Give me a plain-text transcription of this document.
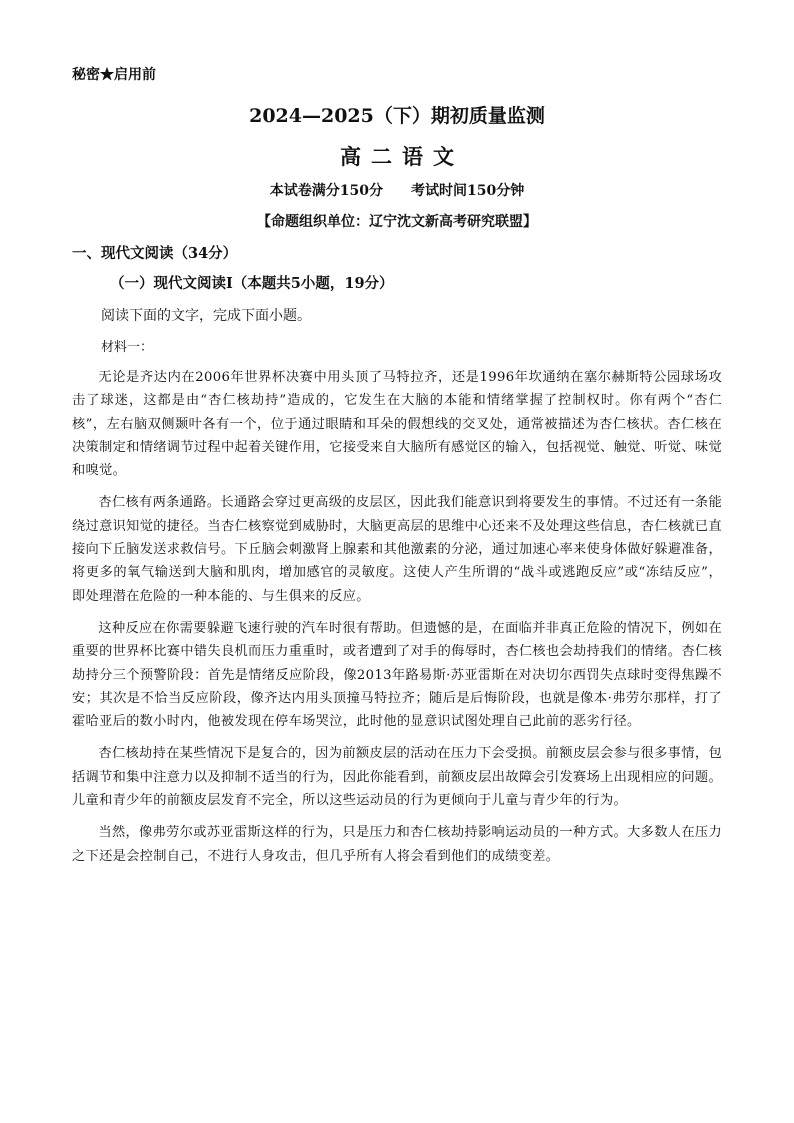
秘密★启用前
2024—2025（下）期初质量监测
高二语文
本试卷满分150分 考试时间150分钟
【命题组织单位：辽宁沈文新高考研究联盟】
一、现代文阅读（34分）
（一）现代文阅读Ⅰ（本题共5小题，19分）
阅读下面的文字，完成下面小题。
材料一：

无论是齐达内在2006年世界杯决赛中用头顶了马特拉齐，还是1996年坎通纳在塞尔赫斯特公园球场攻击了球迷，这都是由“杏仁核劫持”造成的，它发生在大脑的本能和情绪掌握了控制权时。你有两个“杏仁核”，左右脑双侧颞叶各有一个，位于通过眼睛和耳朵的假想线的交叉处，通常被描述为杏仁核状。杏仁核在决策制定和情绪调节过程中起着关键作用，它接受来自大脑所有感觉区的输入，包括视觉、触觉、听觉、味觉和嗅觉。

杏仁核有两条通路。长通路会穿过更高级的皮层区，因此我们能意识到将要发生的事情。不过还有一条能绕过意识知觉的捷径。当杏仁核察觉到威胁时，大脑更高层的思维中心还来不及处理这些信息，杏仁核就已直接向下丘脑发送求救信号。下丘脑会刺激肾上腺素和其他激素的分泌，通过加速心率来使身体做好躲避准备，将更多的氧气输送到大脑和肌肉，增加感官的灵敏度。这使人产生所谓的“战斗或逃跑反应”或“冻结反应”，即处理潜在危险的一种本能的、与生俱来的反应。

这种反应在你需要躲避飞速行驶的汽车时很有帮助。但遗憾的是，在面临并非真正危险的情况下，例如在重要的世界杯比赛中错失良机而压力重重时，或者遭到了对手的侮辱时，杏仁核也会劫持我们的情绪。杏仁核劫持分三个预警阶段：首先是情绪反应阶段，像2013年路易斯·苏亚雷斯在对决切尔西罚失点球时变得焦躁不安；其次是不恰当反应阶段，像齐达内用头顶撞马特拉齐；随后是后悔阶段，也就是像本·弗劳尔那样，打了霍哈亚后的数小时内，他被发现在停车场哭泣，此时他的显意识试图处理自己此前的恶劣行径。

杏仁核劫持在某些情况下是复合的，因为前额皮层的活动在压力下会受损。前额皮层会参与很多事情，包括调节和集中注意力以及抑制不适当的行为，因此你能看到，前额皮层出故障会引发赛场上出现相应的问题。儿童和青少年的前额皮层发育不完全，所以这些运动员的行为更倾向于儿童与青少年的行为。

当然，像弗劳尔或苏亚雷斯这样的行为，只是压力和杏仁核劫持影响运动员的一种方式。大多数人在压力之下还是会控制自己，不进行人身攻击，但几乎所有人将会看到他们的成绩变差。
